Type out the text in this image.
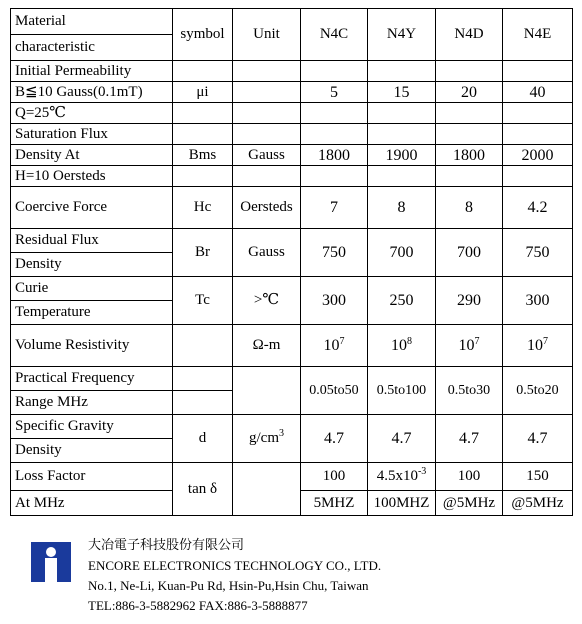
Material	symbol	Unit	N4C	N4Y	N4D	N4E
characteristic						
Initial Permeability						
B≦10 Gauss(0.1mT)	μi		5	15	20	40
Q=25℃						
Saturation Flux						
Density At	Bms	Gauss	1800	1900	1800	2000
H=10 Oersteds						
Coercive Force	Hc	Oersteds	7	8	8	4.2
Residual Flux	Br	Gauss	750	700	700	750
Density						
Curie	Tc	>℃	300	250	290	300
Temperature						
Volume Resistivity		Ω-m	$10^7$	$10^8$	$10^7$	$10^7$
Practical Frequency			0.05to50	0.5to100	0.5to30	0.5to20
Range MHz						
Specific Gravity	d	$g/cm^3$	4.7	4.7	4.7	4.7
Density						
Loss Factor	tan δ		100	$4.5x10^{-3}$	100	150
At MHz			5MHZ	100MHZ	@5MHz	@5MHz
大冶電子科技股份有限公司
ENCORE ELECTRONICS TECHNOLOGY CO., LTD.
No.1, Ne-Li, Kuan-Pu Rd, Hsin-Pu,Hsin Chu, Taiwan
TEL:886-3-5882962 FAX:886-3-5888877
